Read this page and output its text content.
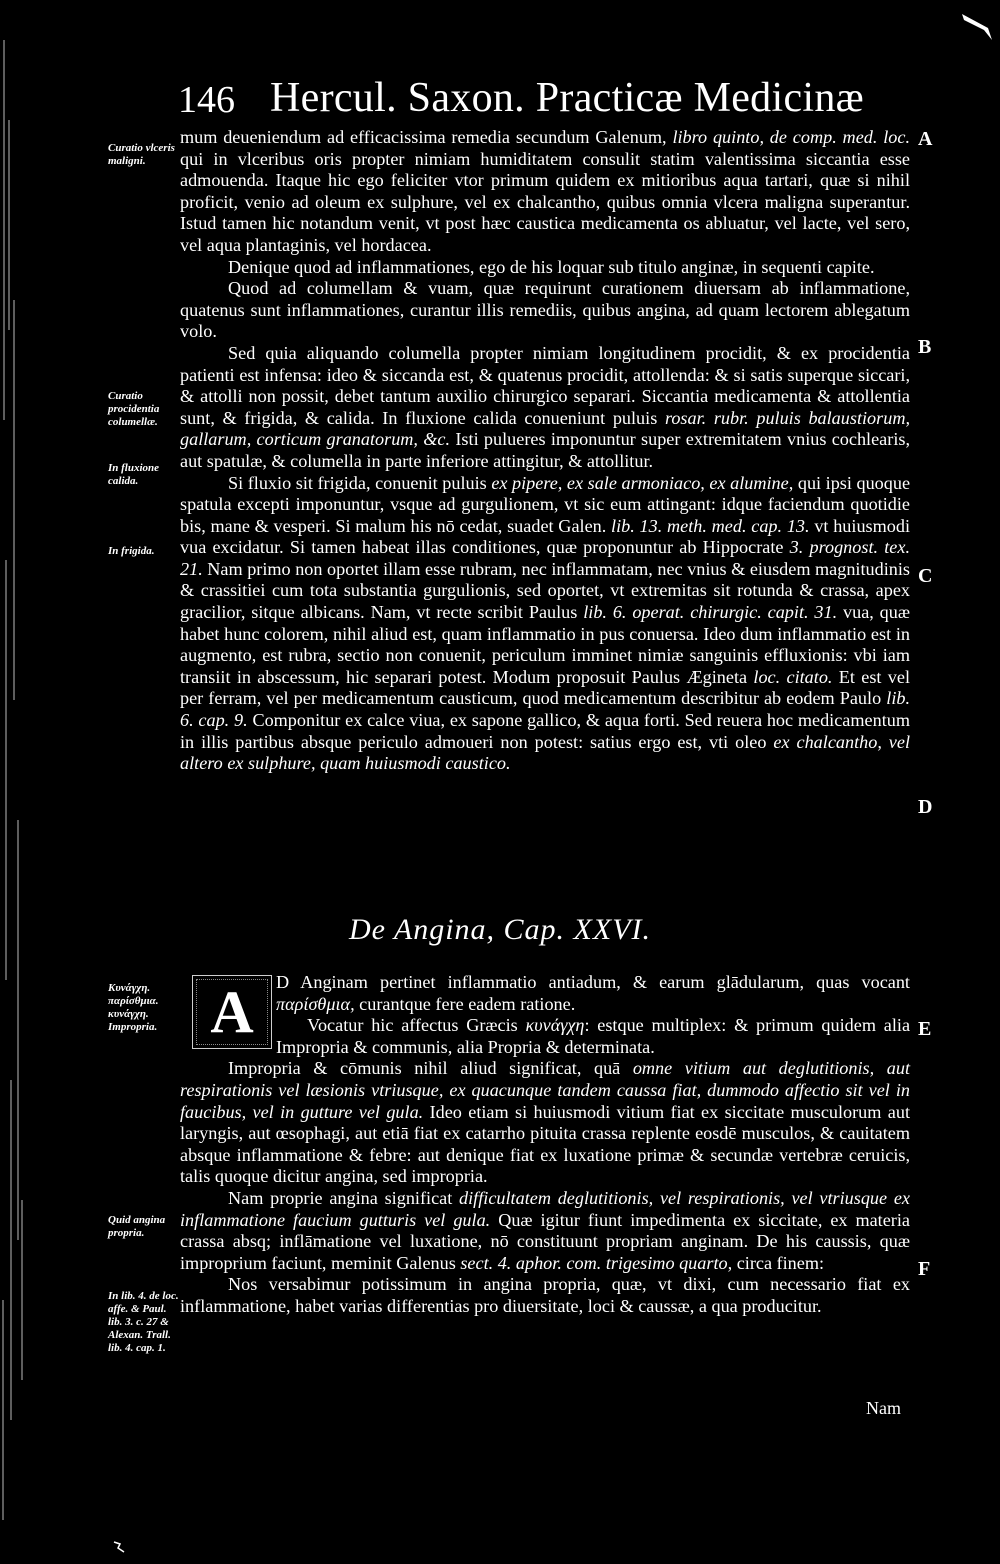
146 Hercul. Saxon. Practicæ Medicinæ

mum deueniendum ad efficacissima remedia secundum Galenum, libro quinto, de comp. med. loc. qui in vlceribus oris propter nimiam humiditatem consulit statim valentissima siccantia esse admouenda. Itaque hic ego feliciter vtor primum quidem ex mitioribus aqua tartari, quæ si nihil proficit, venio ad oleum ex sulphure, vel ex chalcantho, quibus omnia vlcera maligna superantur. Istud tamen hic notandum venit, vt post hæc caustica medicamenta os abluatur, vel lacte, vel sero, vel aqua plantaginis, vel hordacea.

Denique quod ad inflammationes, ego de his loquar sub titulo anginæ, in sequenti capite.

Quod ad columellam & vuam, quæ requirunt curationem diuersam ab inflammatione, quatenus sunt inflammationes, curantur illis remediis, quibus angina, ad quam lectorem ablegatum volo.

Sed quia aliquando columella propter nimiam longitudinem procidit, & ex procidentia patienti est infensa: ideo & siccanda est, & quatenus procidit, attollenda: & si satis superque siccari, & attolli non possit, debet tantum auxilio chirurgico separari. Siccantia medicamenta & attollentia sunt, & frigida, & calida. In fluxione calida conueniunt puluis rosar. rubr. puluis balaustiorum, gallarum, corticum granatorum, &c. Isti pulueres imponuntur super extremitatem vnius cochlearis, aut spatulæ, & columella in parte inferiore attingitur, & attollitur.

Si fluxio sit frigida, conuenit puluis ex pipere, ex sale armoniaco, ex alumine, qui ipsi quoque spatula excepti imponuntur, vsque ad gurgulionem, vt sic eum attingant: idque faciendum quotidie bis, mane & vesperi. Si malum his nō cedat, suadet Galen. lib. 13. meth. med. cap. 13. vt huiusmodi vua excidatur. Si tamen habeat illas conditiones, quæ proponuntur ab Hippocrate 3. prognost. tex. 21. Nam primo non oportet illam esse rubram, nec inflammatam, nec vnius & eiusdem magnitudinis & crassitiei cum tota substantia gurgulionis, sed oportet, vt extremitas sit rotunda & crassa, apex gracilior, sitque albicans. Nam, vt recte scribit Paulus lib. 6. operat. chirurgic. capit. 31. vua, quæ habet hunc colorem, nihil aliud est, quam inflammatio in pus conuersa. Ideo dum inflammatio est in augmento, est rubra, sectio non conuenit, periculum imminet nimiæ sanguinis effluxionis: vbi iam transiit in abscessum, hic separari potest. Modum proposuit Paulus Ægineta loc. citato. Et est vel per ferram, vel per medicamentum causticum, quod medicamentum describitur ab eodem Paulo lib. 6. cap. 9. Componitur ex calce viua, ex sapone gallico, & aqua forti. Sed reuera hoc medicamentum in illis partibus absque periculo admoueri non potest: satius ergo est, vti oleo ex chalcantho, vel altero ex sulphure, quam huiusmodi caustico.

De Angina, Cap. XXVI.
A	D Anginam pertinet inflammatio antiadum, & earum glādularum, quas vocant παρίσθμια, curantque fere eadem ratione.

Vocatur hic affectus Græcis κυνάγχη: estque multiplex: & primum quidem alia Impropria & communis, alia Propria & determinata.

Impropria & cōmunis nihil aliud significat, quā omne vitium aut deglutitionis, aut respirationis vel læsionis vtriusque, ex quacunque tandem caussa fiat, dummodo affectio sit vel in faucibus, vel in gutture vel gula. Ideo etiam si huiusmodi vitium fiat ex siccitate musculorum aut laryngis, aut œsophagi, aut etiā fiat ex catarrho pituita crassa replente eosdē musculos, & cauitatem absque inflammatione & febre: aut denique fiat ex luxatione primæ & secundæ vertebræ ceruicis, talis quoque dicitur angina, sed impropria.

Nam proprie angina significat difficultatem deglutitionis, vel respirationis, vel vtriusque ex inflammatione faucium gutturis vel gula. Quæ igitur fiunt impedimenta ex siccitate, ex materia crassa absq; inflāmatione vel luxatione, nō constituunt propriam anginam. De his caussis, quæ improprium faciunt, meminit Galenus sect. 4. aphor. com. trigesimo quarto, circa finem:

Nos versabimur potissimum in angina propria, quæ, vt dixi, cum necessario fiat ex inflammatione, habet varias differentias pro diuersitate, loci & caussæ, a qua producitur.

Curatio vlceris maligni.
Curatio procidentia columellæ.
In fluxione calida.
In frigida.
Κυνάγχη. παρίσθμια. κυνάγχη. Impropria.
Quid angina propria.
In lib. 4. de loc. affe. & Paul. lib. 3. c. 27 & Alexan. Trall. lib. 4. cap. 1.
A
B
C
D
E
F
Nam
